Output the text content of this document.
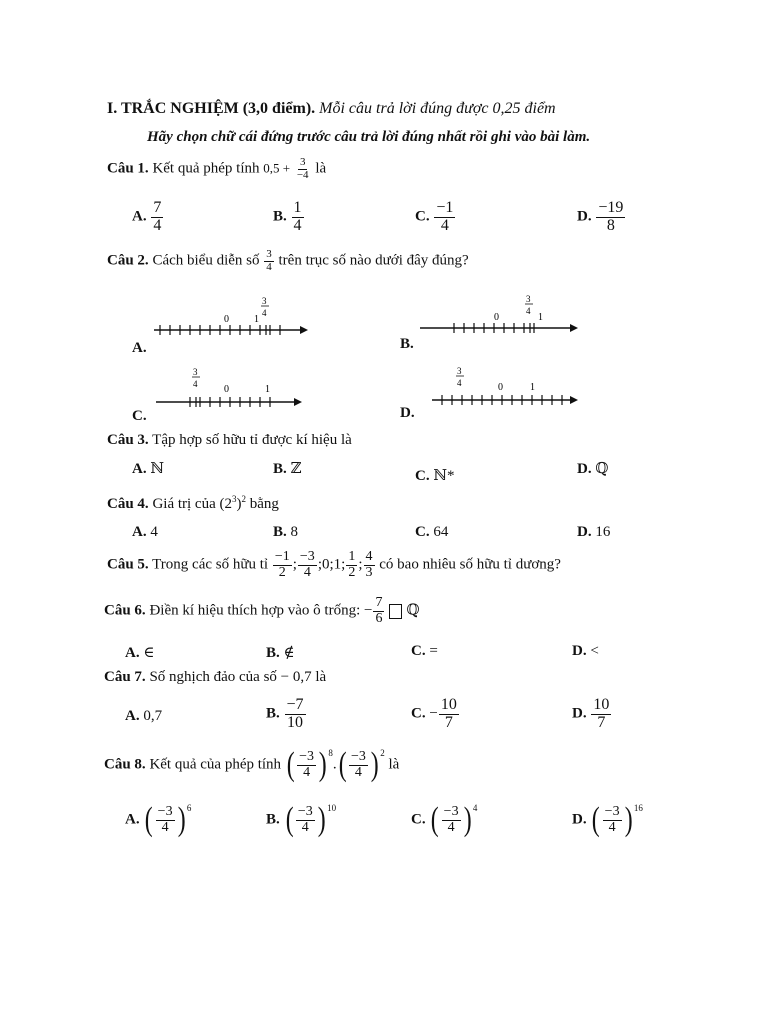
I. TRẮC NGHIỆM (3,0 điểm). Mỗi câu trả lời đúng được 0,25 điểm
Hãy chọn chữ cái đứng trước câu trả lời đúng nhất rồi ghi vào bài làm.
Câu 1. Kết quả phép tính $0,5 + \frac{3}{-4}$ là
A. $\frac{7}{4}$	B. $\frac{1}{4}$	C. $\frac{-1}{4}$	D. $\frac{-19}{8}$
Câu 2. Cách biểu diễn số $\frac{3}{4}$ trên trục số nào dưới đây đúng?
A.	B.
C.	D.
0	1
3
4	0	1
3
4
0	1
3
4	0	1
3
4
Câu 3. Tập hợp số hữu tỉ được kí hiệu là
A. ℕ	B. ℤ	C. ℕ*	D. ℚ
Câu 4. Giá trị của $(2^3)^2$ bằng
A. 4	B. 8	C. 64	D. 16
Câu 5. Trong các số hữu tỉ $\frac{-1}{2}$ ; $\frac{-3}{4}$ ;0;1; $\frac{1}{2}$ ; $\frac{4}{3}$ có bao nhiêu số hữu tỉ dương?
Câu 6. Điền kí hiệu thích hợp vào ô trống: − $\frac{7}{6}$ ℚ
A. ∈	B. ∉	C. =	D. <
Câu 7. Số nghịch đảo của số − 0,7 là
A. 0,7	B. $\frac{-7}{10}$	C. − $\frac{10}{7}$	D. $\frac{10}{7}$
Câu 8. Kết quả của phép tính ( $\frac{-3}{4}$ ) 8
. ( $\frac{-3}{4}$ ) 2
là
A. ( $\frac{-3}{4}$ ) 6
B. ( $\frac{-3}{4}$ ) 10
C. ( $\frac{-3}{4}$ ) 4
D. ( $\frac{-3}{4}$ ) 16
